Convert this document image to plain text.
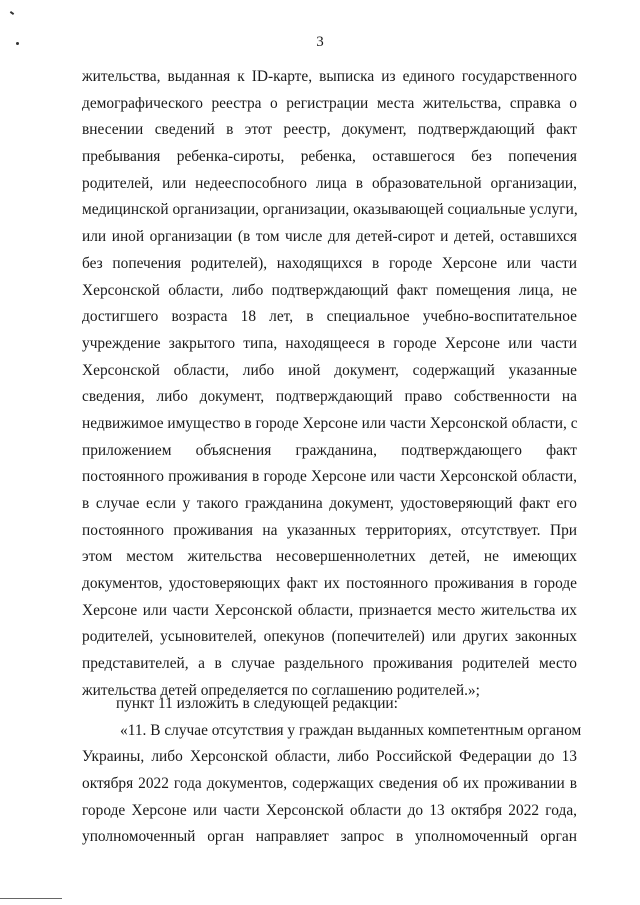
3
жительства, выданная к ID-карте, выписка из единого государственного
демографического реестра о регистрации места жительства, справка о
внесении сведений в этот реестр, документ, подтверждающий факт
пребывания ребенка-сироты, ребенка, оставшегося без попечения
родителей, или недееспособного лица в образовательной организации,
медицинской организации, организации, оказывающей социальные услуги,
или иной организации (в том числе для детей-сирот и детей, оставшихся
без попечения родителей), находящихся в городе Херсоне или части
Херсонской области, либо подтверждающий факт помещения лица, не
достигшего возраста 18 лет, в специальное учебно-воспитательное
учреждение закрытого типа, находящееся в городе Херсоне или части
Херсонской области, либо иной документ, содержащий указанные
сведения, либо документ, подтверждающий право собственности на
недвижимое имущество в городе Херсоне или части Херсонской области, с
приложением объяснения гражданина, подтверждающего факт
постоянного проживания в городе Херсоне или части Херсонской области,
в случае если у такого гражданина документ, удостоверяющий факт его
постоянного проживания на указанных территориях, отсутствует. При
этом местом жительства несовершеннолетних детей, не имеющих
документов, удостоверяющих факт их постоянного проживания в городе
Херсоне или части Херсонской области, признается место жительства их
родителей, усыновителей, опекунов (попечителей) или других законных
представителей, а в случае раздельного проживания родителей место
жительства детей определяется по соглашению родителей.»;
пункт 11 изложить в следующей редакции:
«11. В случае отсутствия у граждан выданных компетентным органом
Украины, либо Херсонской области, либо Российской Федерации до 13
октября 2022 года документов, содержащих сведения об их проживании в
городе Херсоне или части Херсонской области до 13 октября 2022 года,
уполномоченный орган направляет запрос в уполномоченный орган
